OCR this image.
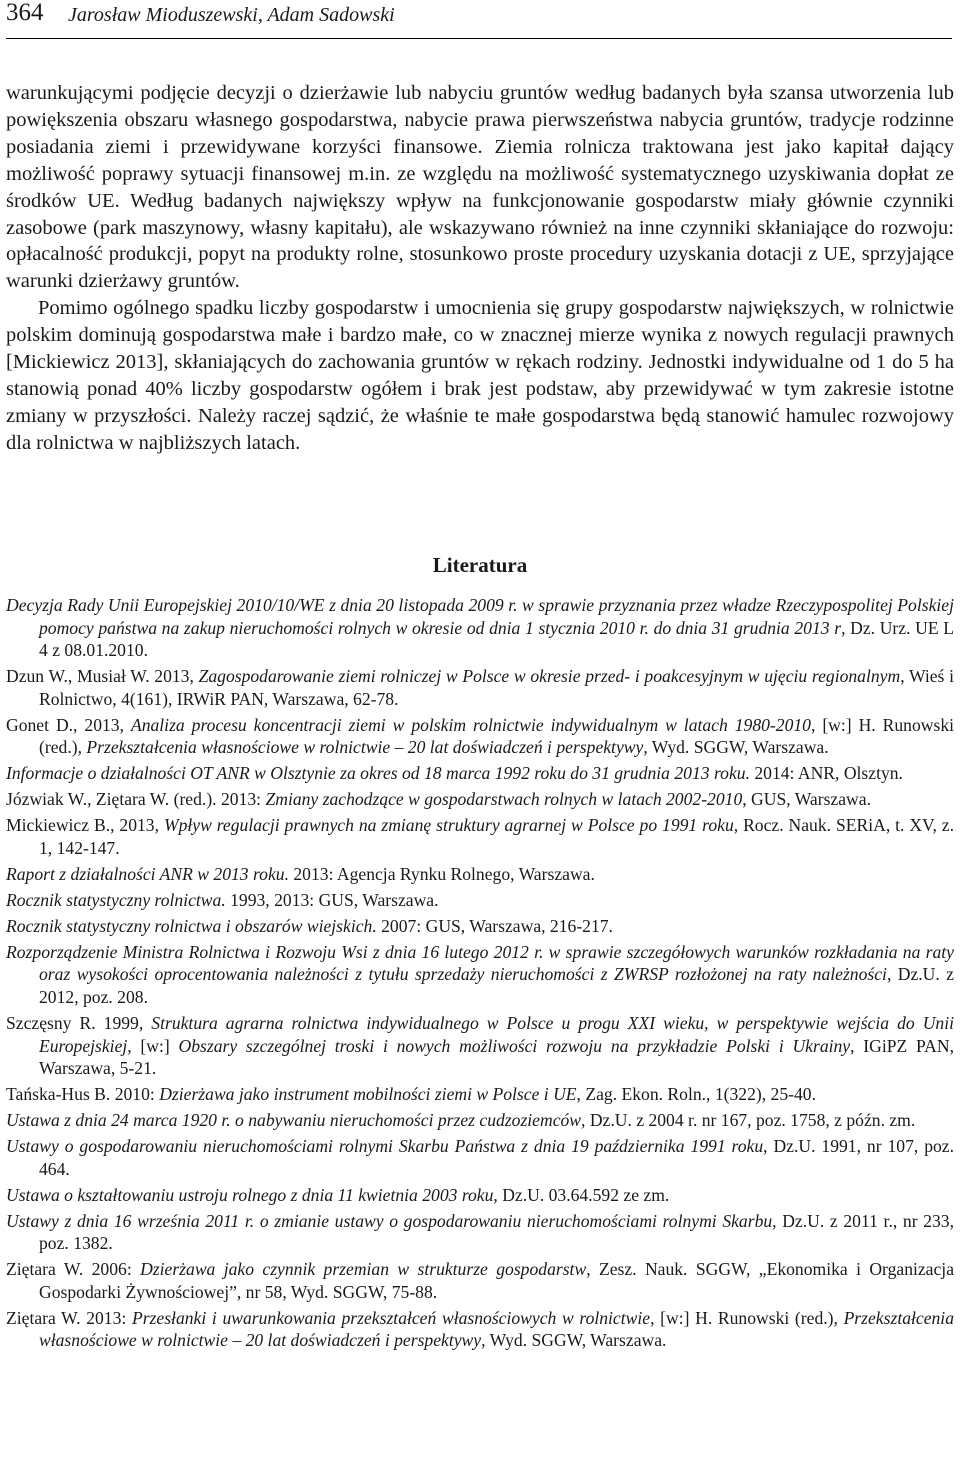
364 Jarosław Mioduszewski, Adam Sadowski

warunkującymi podjęcie decyzji o dzierżawie lub nabyciu gruntów według badanych była szansa utworzenia lub powiększenia obszaru własnego gospodarstwa, nabycie prawa pierwszeństwa nabycia gruntów, tradycje rodzinne posiadania ziemi i przewidywane korzyści finansowe. Ziemia rolnicza traktowana jest jako kapitał dający możliwość poprawy sytuacji finansowej m.in. ze względu na możliwość systematycznego uzyskiwania dopłat ze środków UE. Według badanych największy wpływ na funkcjonowanie gospodarstw miały głównie czynniki zasobowe (park maszynowy, własny kapitału), ale wskazywano również na inne czynniki skłaniające do rozwoju: opłacalność produkcji, popyt na produkty rolne, stosunkowo proste procedury uzyskania dotacji z UE, sprzyjające warunki dzierżawy gruntów.

Pomimo ogólnego spadku liczby gospodarstw i umocnienia się grupy gospodarstw największych, w rolnictwie polskim dominują gospodarstwa małe i bardzo małe, co w znacznej mierze wynika z nowych regulacji prawnych [Mickiewicz 2013], skłaniających do zachowania gruntów w rękach rodziny. Jednostki indywidualne od 1 do 5 ha stanowią ponad 40% liczby gospodarstw ogółem i brak jest podstaw, aby przewidywać w tym zakresie istotne zmiany w przyszłości. Należy raczej sądzić, że właśnie te małe gospodarstwa będą stanowić hamulec rozwojowy dla rolnictwa w najbliższych latach.

Literatura

Decyzja Rady Unii Europejskiej 2010/10/WE z dnia 20 listopada 2009 r. w sprawie przyznania przez władze Rzeczypospolitej Polskiej pomocy państwa na zakup nieruchomości rolnych w okresie od dnia 1 stycznia 2010 r. do dnia 31 grudnia 2013 r, Dz. Urz. UE L 4 z 08.01.2010.

Dzun W., Musiał W. 2013, Zagospodarowanie ziemi rolniczej w Polsce w okresie przed- i poakcesyjnym w ujęciu regionalnym, Wieś i Rolnictwo, 4(161), IRWiR PAN, Warszawa, 62-78.

Gonet D., 2013, Analiza procesu koncentracji ziemi w polskim rolnictwie indywidualnym w latach 1980-2010, [w:] H. Runowski (red.), Przekształcenia własnościowe w rolnictwie – 20 lat doświadczeń i perspektywy, Wyd. SGGW, Warszawa.

Informacje o działalności OT ANR w Olsztynie za okres od 18 marca 1992 roku do 31 grudnia 2013 roku. 2014: ANR, Olsztyn.

Józwiak W., Ziętara W. (red.). 2013: Zmiany zachodzące w gospodarstwach rolnych w latach 2002-2010, GUS, Warszawa.

Mickiewicz B., 2013, Wpływ regulacji prawnych na zmianę struktury agrarnej w Polsce po 1991 roku, Rocz. Nauk. SERiA, t. XV, z. 1, 142-147.

Raport z działalności ANR w 2013 roku. 2013: Agencja Rynku Rolnego, Warszawa.

Rocznik statystyczny rolnictwa. 1993, 2013: GUS, Warszawa.

Rocznik statystyczny rolnictwa i obszarów wiejskich. 2007: GUS, Warszawa, 216-217.

Rozporządzenie Ministra Rolnictwa i Rozwoju Wsi z dnia 16 lutego 2012 r. w sprawie szczegółowych warunków rozkładania na raty oraz wysokości oprocentowania należności z tytułu sprzedaży nieruchomości z ZWRSP rozłożonej na raty należności, Dz.U. z 2012, poz. 208.

Szczęsny R. 1999, Struktura agrarna rolnictwa indywidualnego w Polsce u progu XXI wieku, w perspektywie wejścia do Unii Europejskiej, [w:] Obszary szczególnej troski i nowych możliwości rozwoju na przykładzie Polski i Ukrainy, IGiPZ PAN, Warszawa, 5-21.

Tańska-Hus B. 2010: Dzierżawa jako instrument mobilności ziemi w Polsce i UE, Zag. Ekon. Roln., 1(322), 25-40.

Ustawa z dnia 24 marca 1920 r. o nabywaniu nieruchomości przez cudzoziemców, Dz.U. z 2004 r. nr 167, poz. 1758, z późn. zm.

Ustawy o gospodarowaniu nieruchomościami rolnymi Skarbu Państwa z dnia 19 października 1991 roku, Dz.U. 1991, nr 107, poz. 464.

Ustawa o kształtowaniu ustroju rolnego z dnia 11 kwietnia 2003 roku, Dz.U. 03.64.592 ze zm.

Ustawy z dnia 16 września 2011 r. o zmianie ustawy o gospodarowaniu nieruchomościami rolnymi Skarbu, Dz.U. z 2011 r., nr 233, poz. 1382.

Ziętara W. 2006: Dzierżawa jako czynnik przemian w strukturze gospodarstw, Zesz. Nauk. SGGW, „Ekonomika i Organizacja Gospodarki Żywnościowej”, nr 58, Wyd. SGGW, 75-88.

Ziętara W. 2013: Przesłanki i uwarunkowania przekształceń własnościowych w rolnictwie, [w:] H. Runowski (red.), Przekształcenia własnościowe w rolnictwie – 20 lat doświadczeń i perspektywy, Wyd. SGGW, Warszawa.
